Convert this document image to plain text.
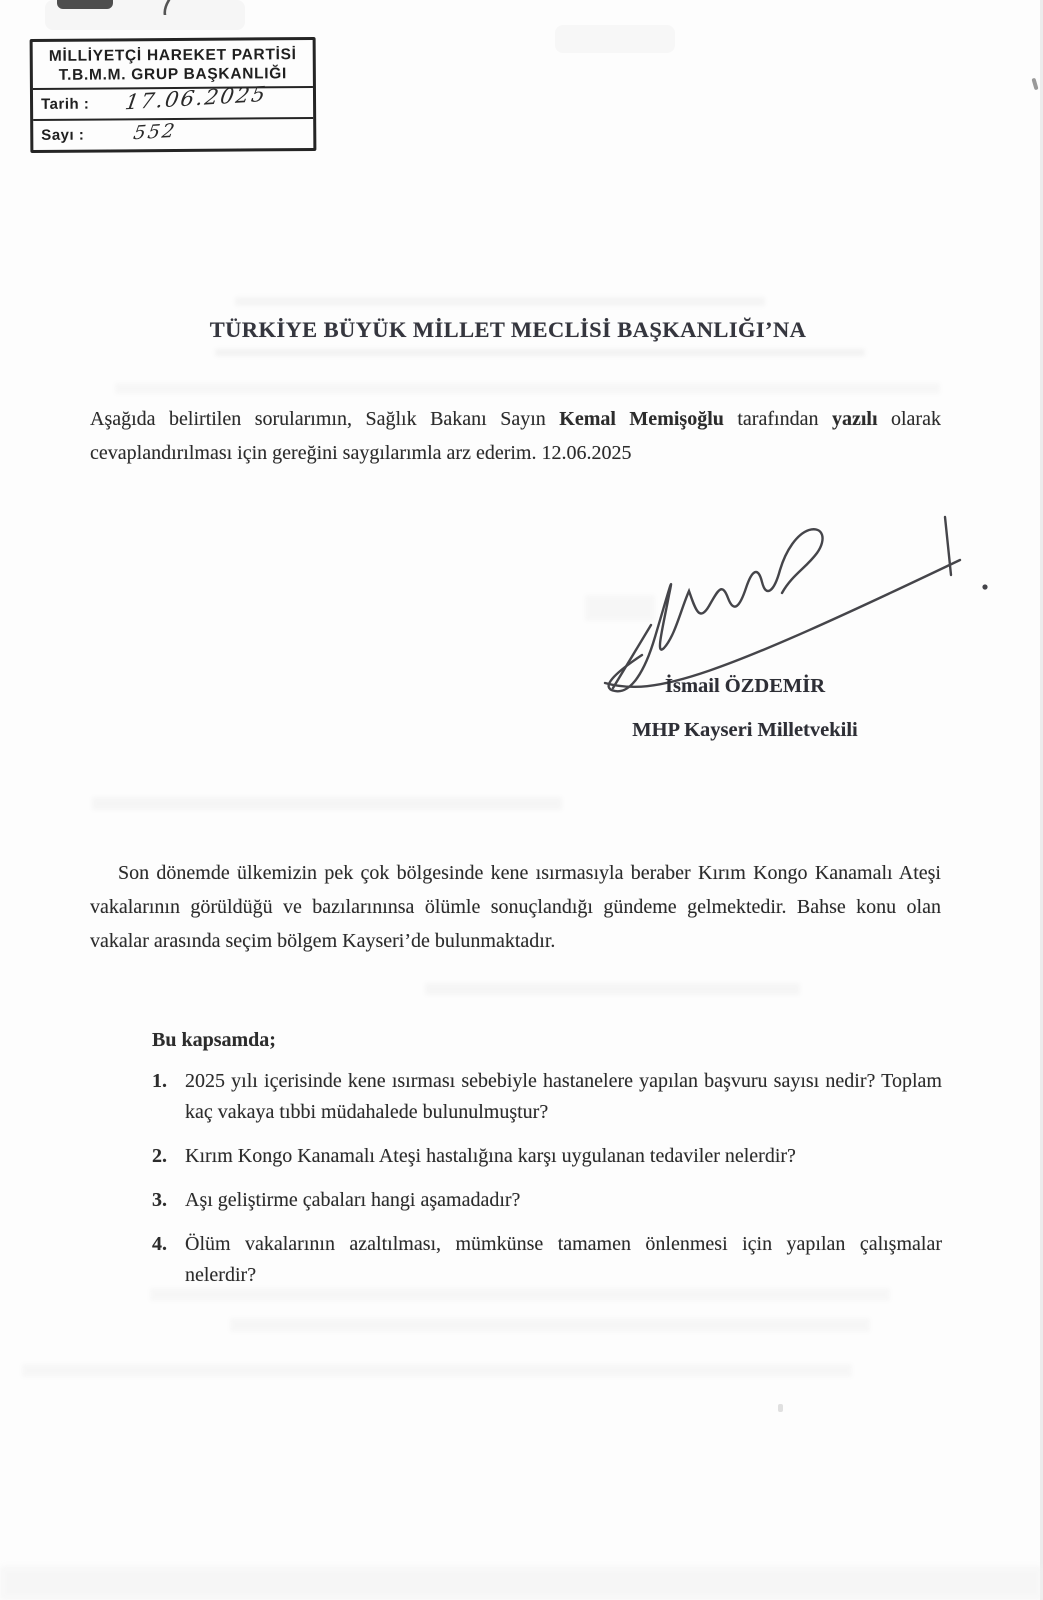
MİLLİYETÇİ HAREKET PARTİSİ
T.B.M.M. GRUP BAŞKANLIĞI
Tarih :	17.06.2025
Sayı :	552
TÜRKİYE BÜYÜK MİLLET MECLİSİ BAŞKANLIĞI’NA
Aşağıda belirtilen sorularımın, Sağlık Bakanı Sayın Kemal Memişoğlu tarafından yazılı olarak cevaplandırılması için gereğini saygılarımla arz ederim. 12.06.2025
İsmail ÖZDEMİR
MHP Kayseri Milletvekili
Son dönemde ülkemizin pek çok bölgesinde kene ısırmasıyla beraber Kırım Kongo Kanamalı Ateşi vakalarının görüldüğü ve bazılarınınsa ölümle sonuçlandığı gündeme gelmektedir. Bahse konu olan vakalar arasında seçim bölgem Kayseri’de bulunmaktadır.
Bu kapsamda;
1. 2025 yılı içerisinde kene ısırması sebebiyle hastanelere yapılan başvuru sayısı nedir? Toplam kaç vakaya tıbbi müdahalede bulunulmuştur?
2. Kırım Kongo Kanamalı Ateşi hastalığına karşı uygulanan tedaviler nelerdir?
3. Aşı geliştirme çabaları hangi aşamadadır?
4. Ölüm vakalarının azaltılması, mümkünse tamamen önlenmesi için yapılan çalışmalar nelerdir?
